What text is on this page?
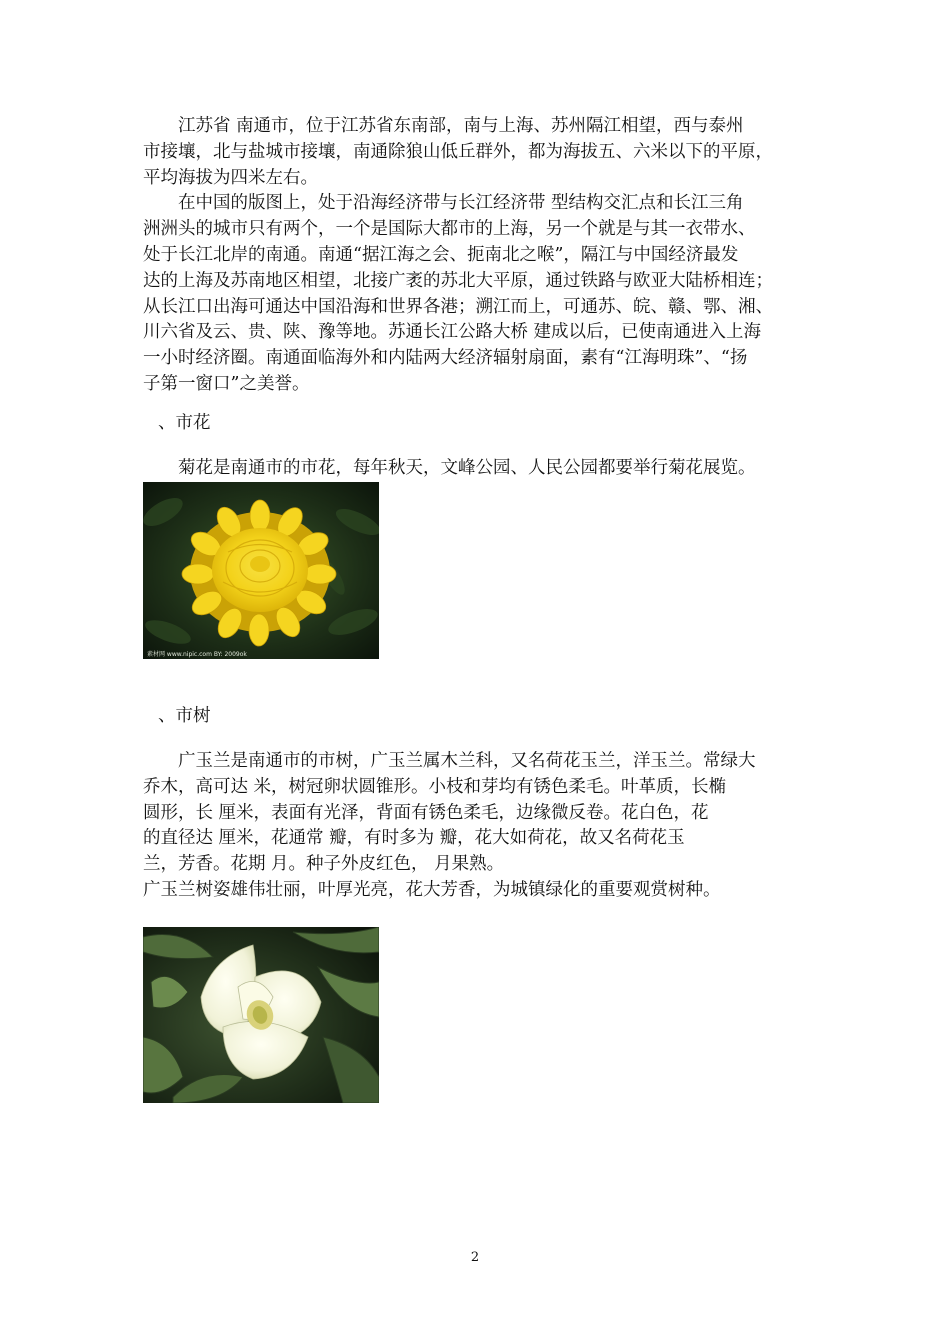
　　江苏省 南通市，位于江苏省东南部，南与上海、苏州隔江相望，西与泰州
市接壤，北与盐城市接壤，南通除狼山低丘群外，都为海拔五、六米以下的平原，
平均海拔为四米左右。
　　在中国的版图上，处于沿海经济带与长江经济带 型结构交汇点和长江三角
洲洲头的城市只有两个，一个是国际大都市的上海，另一个就是与其一衣带水、
处于长江北岸的南通。南通“据江海之会、扼南北之喉”，隔江与中国经济最发
达的上海及苏南地区相望，北接广袤的苏北大平原，通过铁路与欧亚大陆桥相连；
从长江口出海可通达中国沿海和世界各港；溯江而上，可通苏、皖、赣、鄂、湘、
川六省及云、贵、陕、豫等地。苏通长江公路大桥 建成以后，已使南通进入上海
一小时经济圈。南通面临海外和内陆两大经济辐射扇面，素有“江海明珠”、“扬
子第一窗口”之美誉。
、市花

　　菊花是南通市的市花，每年秋天，文峰公园、人民公园都要举行菊花展览。

素材网 www.nipic.com BY: 2009ok
、市树
　　广玉兰是南通市的市树，广玉兰属木兰科，又名荷花玉兰，洋玉兰。常绿大
乔木，高可达 米，树冠卵状圆锥形。小枝和芽均有锈色柔毛。叶革质，长椭
圆形，长 厘米，表面有光泽，背面有锈色柔毛，边缘微反卷。花白色，花
的直径达 厘米，花通常 瓣，有时多为 瓣，花大如荷花，故又名荷花玉
兰，芳香。花期 月。种子外皮红色， 月果熟。
广玉兰树姿雄伟壮丽，叶厚光亮，花大芳香，为城镇绿化的重要观赏树种。
2
